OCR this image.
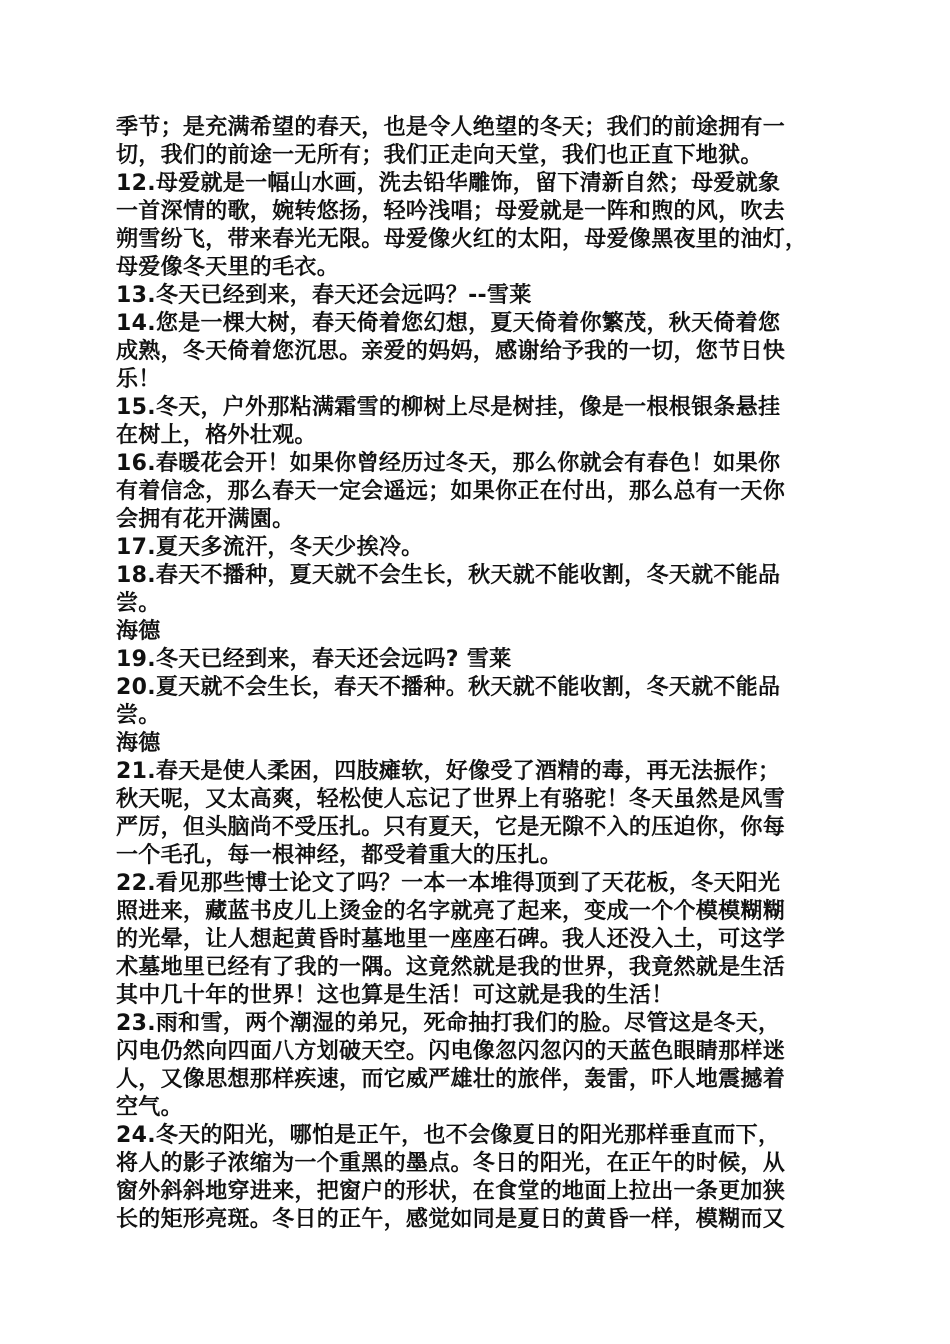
季节；是充满希望的春天，也是令人绝望的冬天；我们的前途拥有一
切，我们的前途一无所有；我们正走向天堂，我们也正直下地狱。
12.母爱就是一幅山水画，洗去铅华雕饰，留下清新自然；母爱就象
一首深情的歌，婉转悠扬，轻吟浅唱；母爱就是一阵和煦的风，吹去
朔雪纷飞，带来春光无限。母爱像火红的太阳，母爱像黑夜里的油灯，
母爱像冬天里的毛衣。
13.冬天已经到来，春天还会远吗？--雪莱
14.您是一棵大树，春天倚着您幻想，夏天倚着你繁茂，秋天倚着您
成熟，冬天倚着您沉思。亲爱的妈妈，感谢给予我的一切，您节日快
乐！
15.冬天，户外那粘满霜雪的柳树上尽是树挂，像是一根根银条悬挂
在树上，格外壮观。
16.春暖花会开！如果你曾经历过冬天，那么你就会有春色！如果你
有着信念，那么春天一定会遥远；如果你正在付出，那么总有一天你
会拥有花开满園。
17.夏天多流汗，冬天少挨冷。
18.春天不播种，夏天就不会生长，秋天就不能收割，冬天就不能品
尝。
海德
19.冬天已经到来，春天还会远吗? 雪莱
20.夏天就不会生长，春天不播种。秋天就不能收割，冬天就不能品
尝。
海德
21.春天是使人柔困，四肢瘫软，好像受了酒精的毒，再无法振作；
秋天呢，又太高爽，轻松使人忘记了世界上有骆驼！冬天虽然是风雪
严厉，但头脑尚不受压扎。只有夏天，它是无隙不入的压迫你，你每
一个毛孔，每一根神经，都受着重大的压扎。
22.看见那些博士论文了吗？一本一本堆得顶到了天花板，冬天阳光
照进来，藏蓝书皮儿上烫金的名字就亮了起来，变成一个个模模糊糊
的光晕，让人想起黄昏时墓地里一座座石碑。我人还没入土，可这学
术墓地里已经有了我的一隅。这竟然就是我的世界，我竟然就是生活
其中几十年的世界！这也算是生活！可这就是我的生活！
23.雨和雪，两个潮湿的弟兄，死命抽打我们的脸。尽管这是冬天，
闪电仍然向四面八方划破天空。闪电像忽闪忽闪的天蓝色眼睛那样迷
人，又像思想那样疾速，而它威严雄壮的旅伴，轰雷，吓人地震撼着
空气。
24.冬天的阳光，哪怕是正午，也不会像夏日的阳光那样垂直而下，
将人的影子浓缩为一个重黑的墨点。冬日的阳光，在正午的时候，从
窗外斜斜地穿进来，把窗户的形状，在食堂的地面上拉出一条更加狭
长的矩形亮斑。冬日的正午，感觉如同是夏日的黄昏一样，模糊而又
